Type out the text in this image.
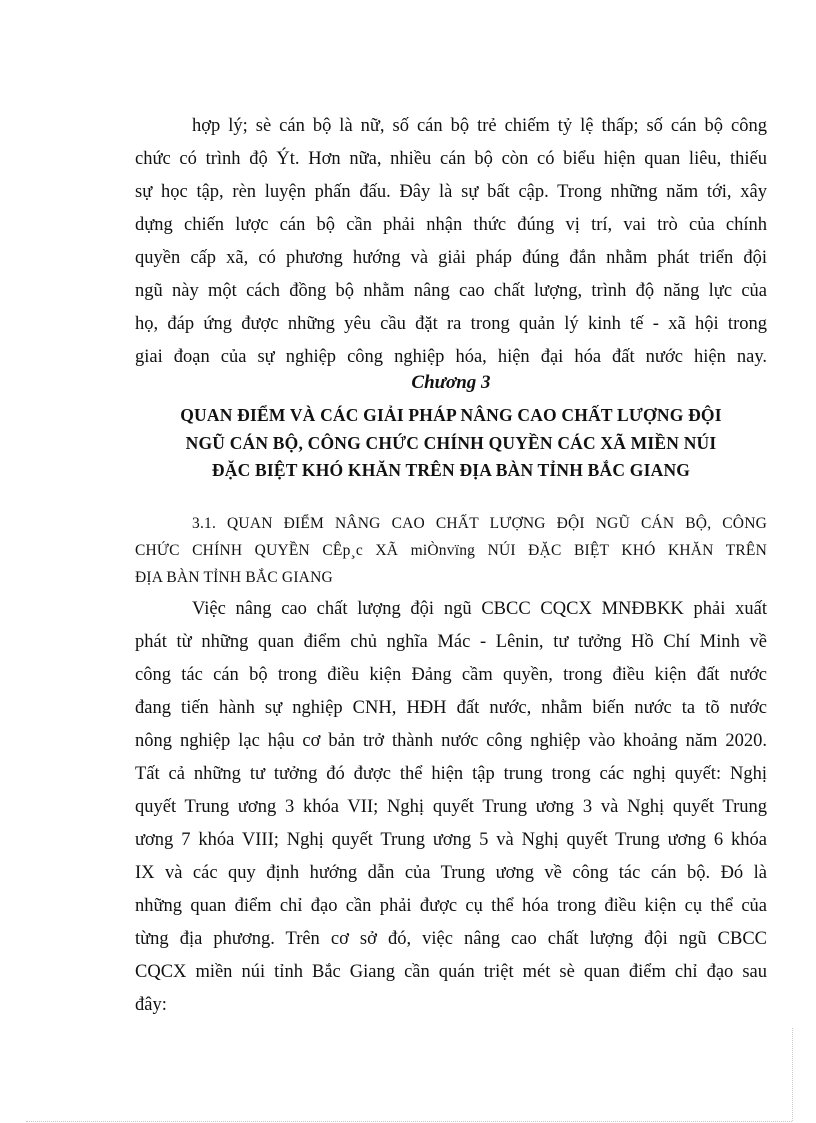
hợp lý; sè cán bộ là nữ, số cán bộ trẻ chiếm tỷ lệ thấp; số cán bộ công
chức có trình độ Ýt. Hơn nữa, nhiều cán bộ còn có biểu hiện quan liêu, thiếu
sự học tập, rèn luyện phấn đấu. Đây là sự bất cập. Trong những năm tới, xây
dựng chiến lược cán bộ cần phải nhận thức đúng vị trí, vai trò của chính
quyền cấp xã, có phương hướng và giải pháp đúng đắn nhằm phát triển đội
ngũ này một cách đồng bộ nhằm nâng cao chất lượng, trình độ năng lực của
họ, đáp ứng được những yêu cầu đặt ra trong quản lý kinh tế - xã hội trong
giai đoạn của sự nghiệp công nghiệp hóa, hiện đại hóa đất nước hiện nay.
Chương 3
QUAN ĐIỂM VÀ CÁC GIẢI PHÁP NÂNG CAO CHẤT LƯỢNG ĐỘI
NGŨ CÁN BỘ, CÔNG CHỨC CHÍNH QUYỀN CÁC XÃ MIỀN NÚI
ĐẶC BIỆT KHÓ KHĂN TRÊN ĐỊA BÀN TỈNH BẮC GIANG
3.1. QUAN ĐIỂM NÂNG CAO CHẤT LƯỢNG ĐỘI NGŨ CÁN BỘ, CÔNG
CHỨC CHÍNH QUYỀN CÊp¸c XÃ miÒnvïng NÚI ĐẶC BIỆT KHÓ KHĂN TRÊN
ĐỊA BÀN TỈNH BẮC GIANG
Việc nâng cao chất lượng đội ngũ CBCC CQCX MNĐBKK phải xuất
phát từ những quan điểm chủ nghĩa Mác - Lênin, tư tưởng Hồ Chí Minh về
công tác cán bộ trong điều kiện Đảng cầm quyền, trong điều kiện đất nước
đang tiến hành sự nghiệp CNH, HĐH đất nước, nhằm biến nước ta tõ nước
nông nghiệp lạc hậu cơ bản trở thành nước công nghiệp vào khoảng năm 2020.
Tất cả những tư tưởng đó được thể hiện tập trung trong các nghị quyết: Nghị
quyết Trung ương 3 khóa VII; Nghị quyết Trung ương 3 và Nghị quyết Trung
ương 7 khóa VIII; Nghị quyết Trung ương 5 và Nghị quyết Trung ương 6 khóa
IX và các quy định hướng dẫn của Trung ương về công tác cán bộ. Đó là
những quan điểm chỉ đạo cần phải được cụ thể hóa trong điều kiện cụ thể của
từng địa phương. Trên cơ sở đó, việc nâng cao chất lượng đội ngũ CBCC
CQCX miền núi tỉnh Bắc Giang cần quán triệt mét sè quan điểm chỉ đạo sau
đây:
